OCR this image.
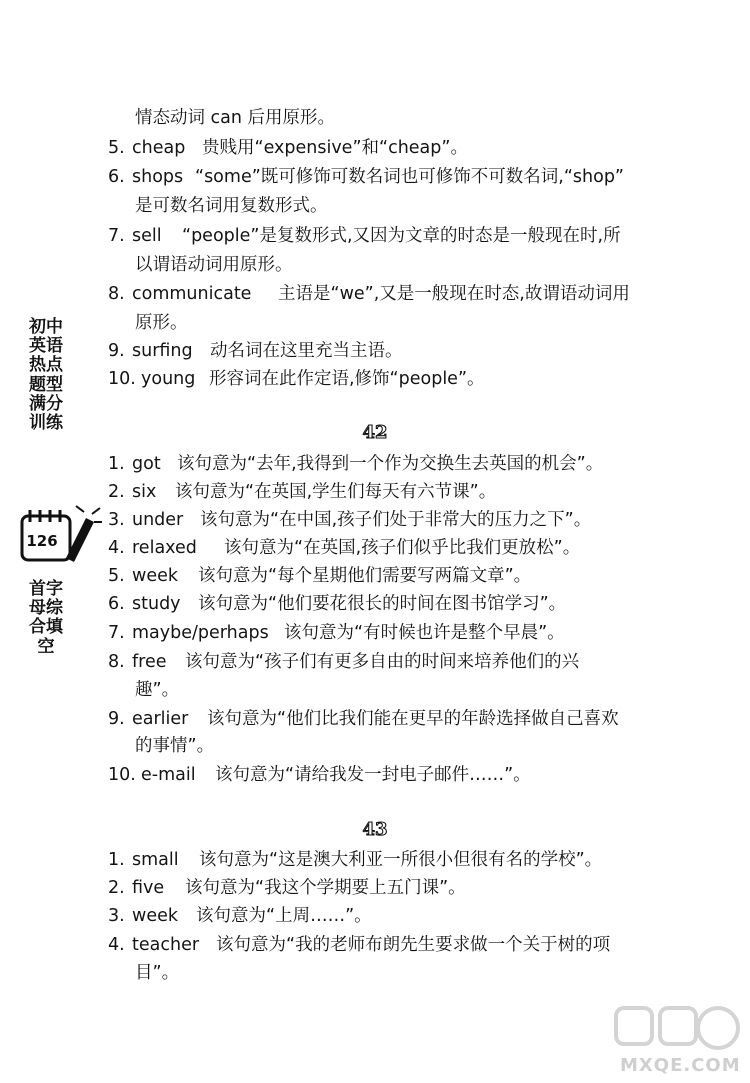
情态动词 can 后用原形。
5. cheap 贵贱用“expensive”和“cheap”。
6. shops “some”既可修饰可数名词也可修饰不可数名词,“shop”
是可数名词用复数形式。
7. sell “people”是复数形式,又因为文章的时态是一般现在时,所
以谓语动词用原形。
8. communicate 主语是“we”,又是一般现在时态,故谓语动词用
原形。
9. surfing 动名词在这里充当主语。
10. young 形容词在此作定语,修饰“people”。
42
1. got 该句意为“去年,我得到一个作为交换生去英国的机会”。
2. six 该句意为“在英国,学生们每天有六节课”。
3. under 该句意为“在中国,孩子们处于非常大的压力之下”。
4. relaxed 该句意为“在英国,孩子们似乎比我们更放松”。
5. week 该句意为“每个星期他们需要写两篇文章”。
6. study 该句意为“他们要花很长的时间在图书馆学习”。
7. maybe/perhaps 该句意为“有时候也许是整个早晨”。
8. free 该句意为“孩子们有更多自由的时间来培养他们的兴
趣”。
9. earlier 该句意为“他们比我们能在更早的年龄选择做自己喜欢
的事情”。
10. e-mail 该句意为“请给我发一封电子邮件……”。
43
1. small 该句意为“这是澳大利亚一所很小但很有名的学校”。
2. five 该句意为“我这个学期要上五门课”。
3. week 该句意为“上周……”。
4. teacher 该句意为“我的老师布朗先生要求做一个关于树的项
目”。
初中英语热点题型满分训练
126
首字母综合填空
MXQE.COM
